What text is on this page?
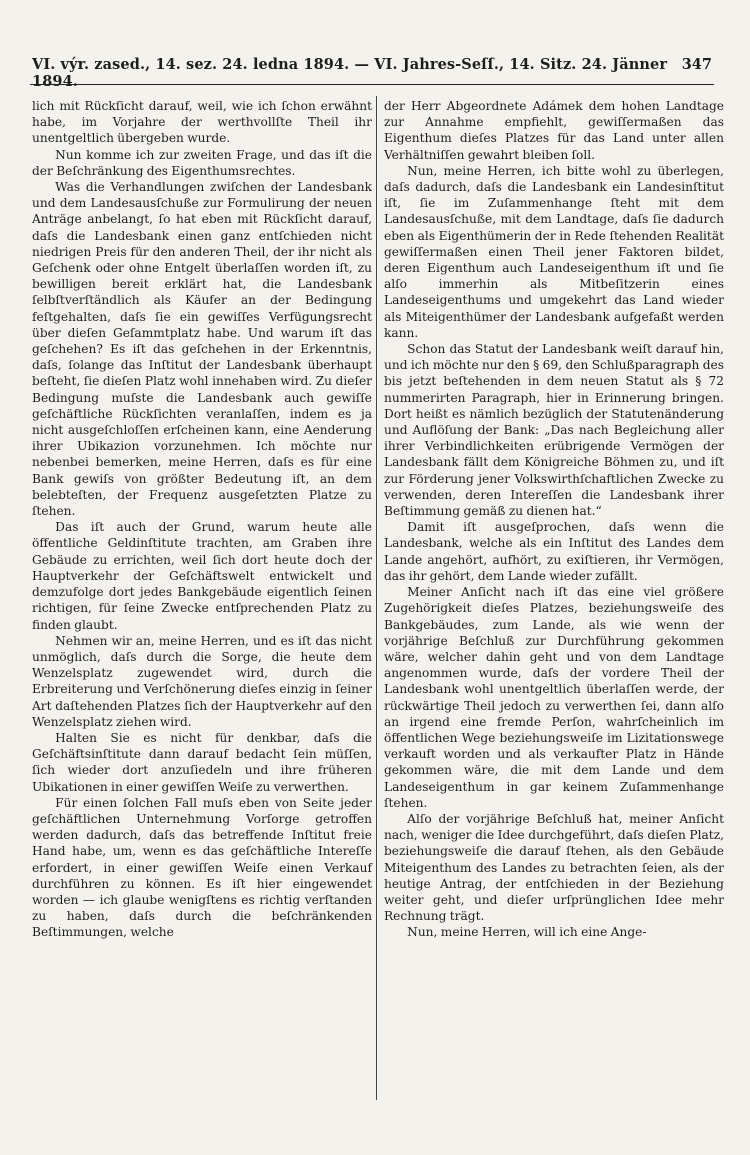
VI. výr. zased., 14. sez. 24. ledna 1894. — VI. Jahres-Seſſ., 14. Sitz. 24. Jänner 1894.
347

lich mit Rückſicht darauf, weil, wie ich ſchon erwähnt habe, im Vorjahre der werthvollſte Theil ihr unentgeltlich übergeben wurde.

Nun komme ich zur zweiten Frage, und das iſt die der Beſchränkung des Eigenthumsrechtes.

Was die Verhandlungen zwiſchen der Landesbank und dem Landesausſchuße zur Formulirung der neuen Anträge anbelangt, ſo hat eben mit Rückſicht darauf, daſs die Landesbank einen ganz entſchieden nicht niedrigen Preis für den anderen Theil, der ihr nicht als Geſchenk oder ohne Entgelt überlaſſen worden iſt, zu bewilligen bereit erklärt hat, die Landesbank ſelbſtverſtändlich als Käufer an der Bedingung feſtgehalten, daſs ſie ein gewiſſes Verfügungsrecht über dieſen Geſammtplatz habe. Und warum iſt das geſchehen? Es iſt das geſchehen in der Erkenntnis, daſs, ſolange das Inſtitut der Landesbank überhaupt beſteht, ſie dieſen Platz wohl innehaben wird. Zu dieſer Bedingung muſste die Landesbank auch gewiſſe geſchäftliche Rückſichten veranlaſſen, indem es ja nicht ausgeſchloſſen erſcheinen kann, eine Aenderung ihrer Ubikazion vorzunehmen. Ich möchte nur nebenbei bemerken, meine Herren, daſs es für eine Bank gewiſs von größter Bedeutung iſt, an dem belebteſten, der Frequenz ausgeſetzten Platze zu ſtehen.

Das iſt auch der Grund, warum heute alle öffentliche Geldinſtitute trachten, am Graben ihre Gebäude zu errichten, weil ſich dort heute doch der Hauptverkehr der Geſchäftswelt entwickelt und demzufolge dort jedes Bankgebäude eigentlich ſeinen richtigen, für ſeine Zwecke entſprechenden Platz zu finden glaubt.

Nehmen wir an, meine Herren, und es iſt das nicht unmöglich, daſs durch die Sorge, die heute dem Wenzelsplatz zugewendet wird, durch die Erbreiterung und Verſchönerung dieſes einzig in ſeiner Art daſtehenden Platzes ſich der Hauptverkehr auf den Wenzelsplatz ziehen wird.

Halten Sie es nicht für denkbar, daſs die Geſchäftsinſtitute dann darauf bedacht ſein müſſen, ſich wieder dort anzuſiedeln und ihre früheren Ubikationen in einer gewiſſen Weiſe zu verwerthen.

Für einen ſolchen Fall muſs eben von Seite jeder geſchäftlichen Unternehmung Vorſorge getroffen werden dadurch, daſs das betreffende Inſtitut freie Hand habe, um, wenn es das geſchäftliche Intereſſe erfordert, in einer gewiſſen Weiſe einen Verkauf durchführen zu können. Es iſt hier eingewendet worden — ich glaube wenigſtens es richtig verſtanden zu haben, daſs durch die beſchränkenden Beſtimmungen, welche

der Herr Abgeordnete Adámek dem hohen Landtage zur Annahme empfiehlt, gewiſſermaßen das Eigenthum dieſes Platzes für das Land unter allen Verhältniſſen gewahrt bleiben ſoll.

Nun, meine Herren, ich bitte wohl zu überlegen, daſs dadurch, daſs die Landesbank ein Landesinſtitut iſt, ſie im Zuſammenhange ſteht mit dem Landesausſchuße, mit dem Landtage, daſs ſie dadurch eben als Eigenthümerin der in Rede ſtehenden Realität gewiſſermaßen einen Theil jener Faktoren bildet, deren Eigenthum auch Landeseigenthum iſt und ſie alſo immerhin als Mitbeſitzerin eines Landeseigenthums und umgekehrt das Land wieder als Miteigenthümer der Landesbank aufgefaßt werden kann.

Schon das Statut der Landesbank weiſt darauf hin, und ich möchte nur den § 69, den Schlußparagraph des bis jetzt beſtehenden in dem neuen Statut als § 72 nummerirten Paragraph, hier in Erinnerung bringen. Dort heißt es nämlich bezüglich der Statutenänderung und Auflöſung der Bank: „Das nach Begleichung aller ihrer Verbindlichkeiten erübrigende Vermögen der Landesbank fällt dem Königreiche Böhmen zu, und iſt zur Förderung jener Volkswirthſchaftlichen Zwecke zu verwenden, deren Intereſſen die Landesbank ihrer Beſtimmung gemäß zu dienen hat.“

Damit iſt ausgeſprochen, daſs wenn die Landesbank, welche als ein Inſtitut des Landes dem Lande angehört, aufhört, zu exiſtieren, ihr Vermögen, das ihr gehört, dem Lande wieder zufällt.

Meiner Anſicht nach iſt das eine viel größere Zugehörigkeit dieſes Platzes, beziehungsweiſe des Bankgebäudes, zum Lande, als wie wenn der vorjährige Beſchluß zur Durchführung gekommen wäre, welcher dahin geht und von dem Landtage angenommen wurde, daſs der vordere Theil der Landesbank wohl unentgeltlich überlaſſen werde, der rückwärtige Theil jedoch zu verwerthen ſei, dann alſo an irgend eine fremde Perſon, wahrſcheinlich im öffentlichen Wege beziehungsweiſe im Lizitationswege verkauft worden und als verkaufter Platz in Hände gekommen wäre, die mit dem Lande und dem Landeseigenthum in gar keinem Zuſammenhange ſtehen.

Alſo der vorjährige Beſchluß hat, meiner Anſicht nach, weniger die Idee durchgeführt, daſs dieſen Platz, beziehungsweiſe die darauf ſtehen, als den Gebäude Miteigenthum des Landes zu betrachten ſeien, als der heutige Antrag, der entſchieden in der Beziehung weiter geht, und dieſer urſprünglichen Idee mehr Rechnung trägt.

Nun, meine Herren, will ich eine Ange-
